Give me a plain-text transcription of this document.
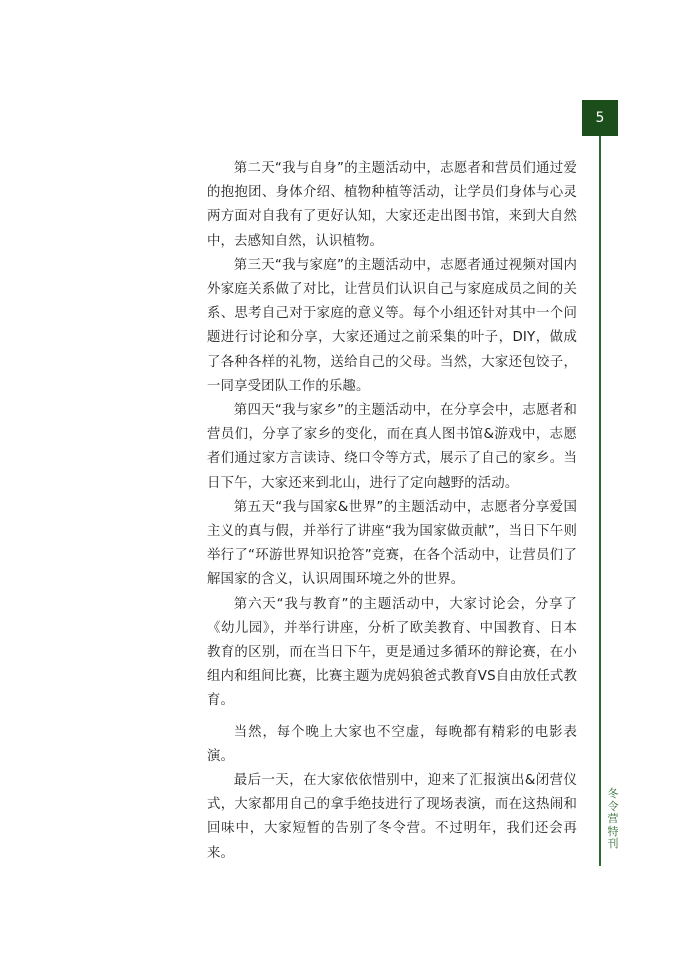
5
冬令营特刊

第二天“我与自身”的主题活动中，志愿者和营员们通过爱的抱抱团、身体介绍、植物种植等活动，让学员们身体与心灵两方面对自我有了更好认知，大家还走出图书馆，来到大自然中，去感知自然，认识植物。

第三天“我与家庭”的主题活动中，志愿者通过视频对国内外家庭关系做了对比，让营员们认识自己与家庭成员之间的关系、思考自己对于家庭的意义等。每个小组还针对其中一个问题进行讨论和分享，大家还通过之前采集的叶子，DIY，做成了各种各样的礼物，送给自己的父母。当然，大家还包饺子，一同享受团队工作的乐趣。

第四天“我与家乡”的主题活动中，在分享会中，志愿者和营员们，分享了家乡的变化，而在真人图书馆&游戏中，志愿者们通过家方言读诗、绕口令等方式，展示了自己的家乡。当日下午，大家还来到北山，进行了定向越野的活动。

第五天“我与国家&世界”的主题活动中，志愿者分享爱国主义的真与假，并举行了讲座“我为国家做贡献”，当日下午则举行了“环游世界知识抢答”竞赛，在各个活动中，让营员们了解国家的含义，认识周围环境之外的世界。

第六天“我与教育”的主题活动中，大家讨论会，分享了《幼儿园》，并举行讲座，分析了欧美教育、中国教育、日本教育的区别，而在当日下午，更是通过多循环的辩论赛，在小组内和组间比赛，比赛主题为虎妈狼爸式教育VS自由放任式教育。

当然，每个晚上大家也不空虚，每晚都有精彩的电影表演。

最后一天，在大家依依惜别中，迎来了汇报演出&闭营仪式，大家都用自己的拿手绝技进行了现场表演，而在这热闹和回味中，大家短暂的告别了冬令营。不过明年，我们还会再来。
